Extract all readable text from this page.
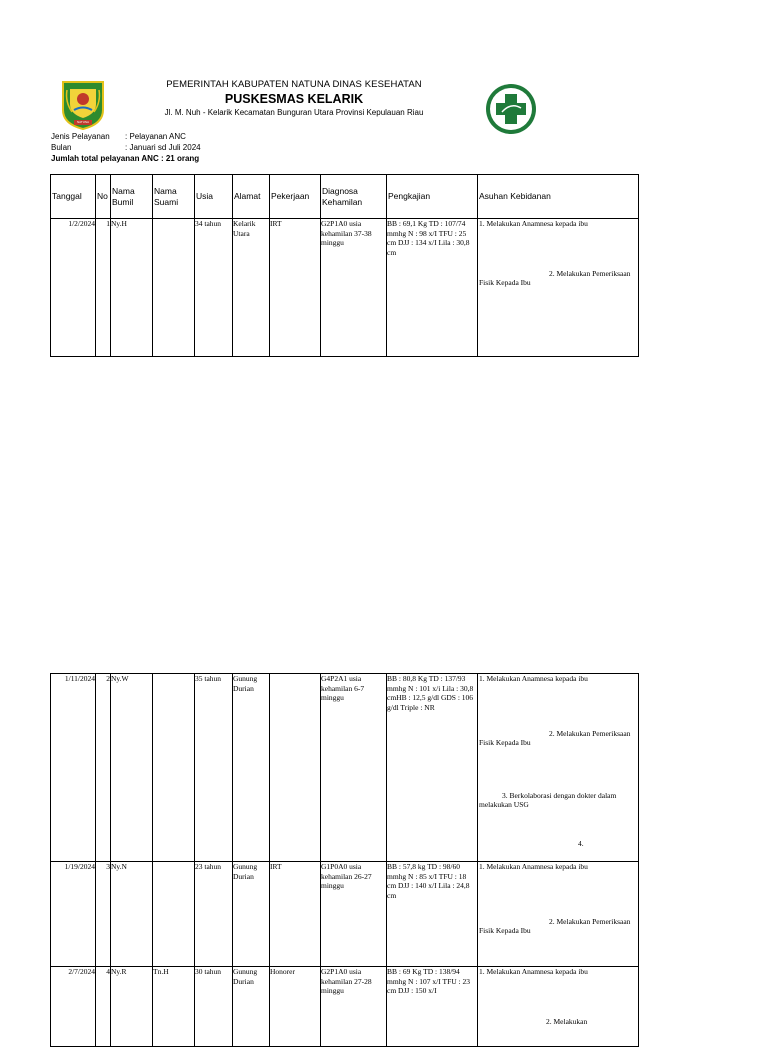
NATUNA
PEMERINTAH KABUPATEN NATUNA DINAS KESEHATAN
PUSKESMAS KELARIK
Jl. M. Nuh - Kelarik Kecamatan Bunguran Utara Provinsi Kepulauan Riau
Jenis Pelayanan : Pelayanan ANC
Bulan	: Januari sd Juli 2024
Jumlah total pelayanan ANC : 21 orang
Tanggal	No	Nama Bumil	Nama Suami	Usia	Alamat	Pekerjaan	Diagnosa Kehamilan	Pengkajian	Asuhan Kebidanan
1/2/2024	1	Ny.H		34 tahun	Kelarik Utara	IRT	G2P1A0 usia kehamilan 37-38 minggu	BB : 69,1 Kg TD : 107/74 mmhg N : 98 x/I TFU : 25 cm DJJ : 134 x/I Lila : 30,8 cm	1. Melakukan Anamnesa kepada ibu

2. Melakukan Pemeriksaan Fisik Kepada Ibu

1/11/2024	2	Ny.W		35 tahun	Gunung Durian		G4P2A1 usia kehamilan 6-7 minggu	BB : 80,8 Kg TD : 137/93 mmhg N : 101 x/i Lila : 30,8 cmHB : 12,5 g/dl GDS : 106 g/dl Triple : NR	1. Melakukan Anamnesa kepada ibu

2. Melakukan Pemeriksaan Fisik Kepada Ibu

3. Berkolaborasi dengan dokter dalam melakukan USG

4.

1/19/2024	3	Ny.N		23 tahun	Gunung Durian	IRT	G1P0A0 usia kehamilan 26-27 minggu	BB : 57,8 kg TD : 98/60 mmhg N : 85 x/I TFU : 18 cm DJJ : 140 x/I Lila : 24,8 cm	1. Melakukan Anamnesa kepada ibu

2. Melakukan Pemeriksaan Fisik Kepada Ibu

2/7/2024	4	Ny.R	Tn.H	30 tahun	Gunung Durian	Honorer	G2P1A0 usia kehamilan 27-28 minggu	BB : 69 Kg TD : 138/94 mmhg N : 107 x/I TFU : 23 cm DJJ : 150 x/I	1. Melakukan Anamnesa kepada ibu

2. Melakukan
